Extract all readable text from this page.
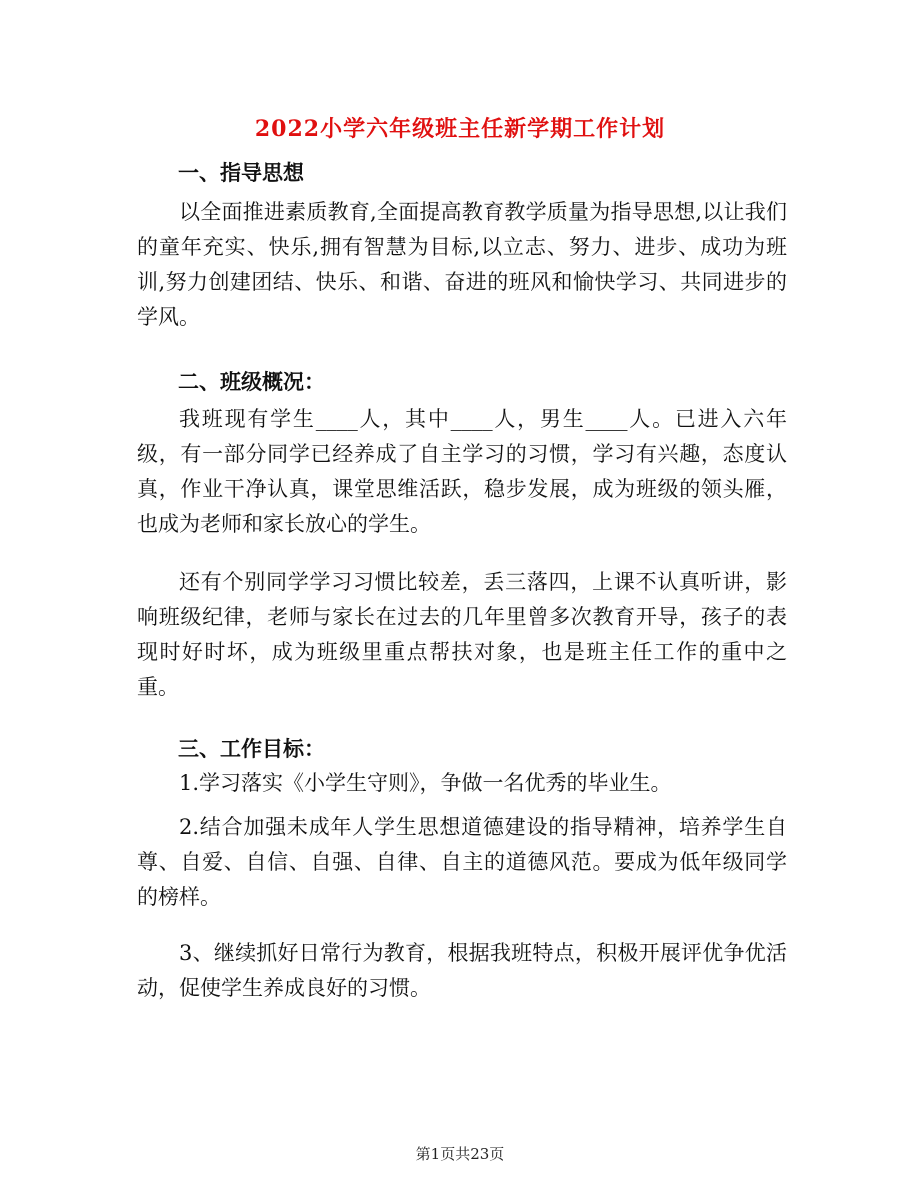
2022小学六年级班主任新学期工作计划
一、指导思想
以全面推进素质教育,全面提高教育教学质量为指导思想,以让我们的童年充实、快乐,拥有智慧为目标,以立志、努力、进步、成功为班训,努力创建团结、快乐、和谐、奋进的班风和愉快学习、共同进步的学风。
二、班级概况：
我班现有学生____人，其中____人，男生____人。已进入六年级，有一部分同学已经养成了自主学习的习惯，学习有兴趣，态度认真，作业干净认真，课堂思维活跃，稳步发展，成为班级的领头雁，也成为老师和家长放心的学生。
还有个别同学学习习惯比较差，丢三落四，上课不认真听讲，影响班级纪律，老师与家长在过去的几年里曾多次教育开导，孩子的表现时好时坏，成为班级里重点帮扶对象，也是班主任工作的重中之重。
三、工作目标：
1.学习落实《小学生守则》，争做一名优秀的毕业生。
2.结合加强未成年人学生思想道德建设的指导精神，培养学生自尊、自爱、自信、自强、自律、自主的道德风范。要成为低年级同学的榜样。
3、继续抓好日常行为教育，根据我班特点，积极开展评优争优活动，促使学生养成良好的习惯。
第1页共23页
